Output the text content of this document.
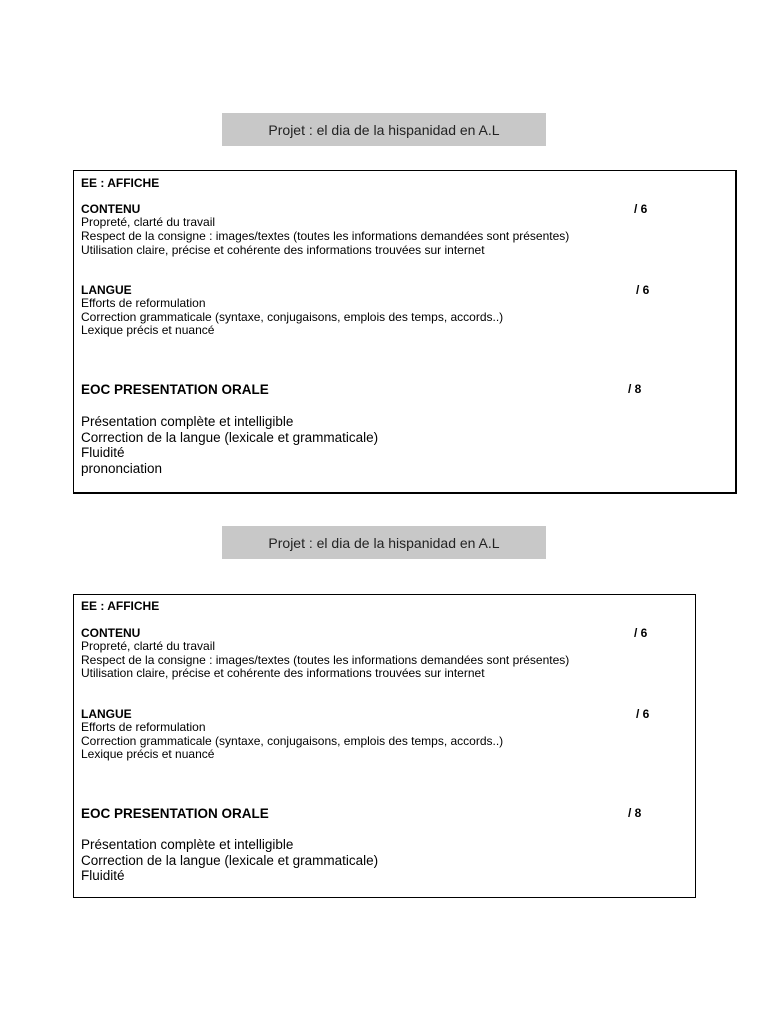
Projet : el dia de la hispanidad en A.L
EE : AFFICHE
CONTENU	/ 6
Propreté, clarté du travail
Respect de la consigne : images/textes (toutes les informations demandées sont présentes)
Utilisation claire, précise et cohérente des informations trouvées sur internet
LANGUE	/ 6
Efforts de reformulation
Correction grammaticale (syntaxe, conjugaisons, emplois des temps, accords..)
Lexique précis et nuancé
EOC PRESENTATION ORALE	/ 8
Présentation complète et intelligible
Correction de la langue (lexicale et grammaticale)
Fluidité
prononciation
Projet : el dia de la hispanidad en A.L
EE : AFFICHE
CONTENU	/ 6
Propreté, clarté du travail
Respect de la consigne : images/textes (toutes les informations demandées sont présentes)
Utilisation claire, précise et cohérente des informations trouvées sur internet
LANGUE	/ 6
Efforts de reformulation
Correction grammaticale (syntaxe, conjugaisons, emplois des temps, accords..)
Lexique précis et nuancé
EOC PRESENTATION ORALE	/ 8
Présentation complète et intelligible
Correction de la langue (lexicale et grammaticale)
Fluidité
